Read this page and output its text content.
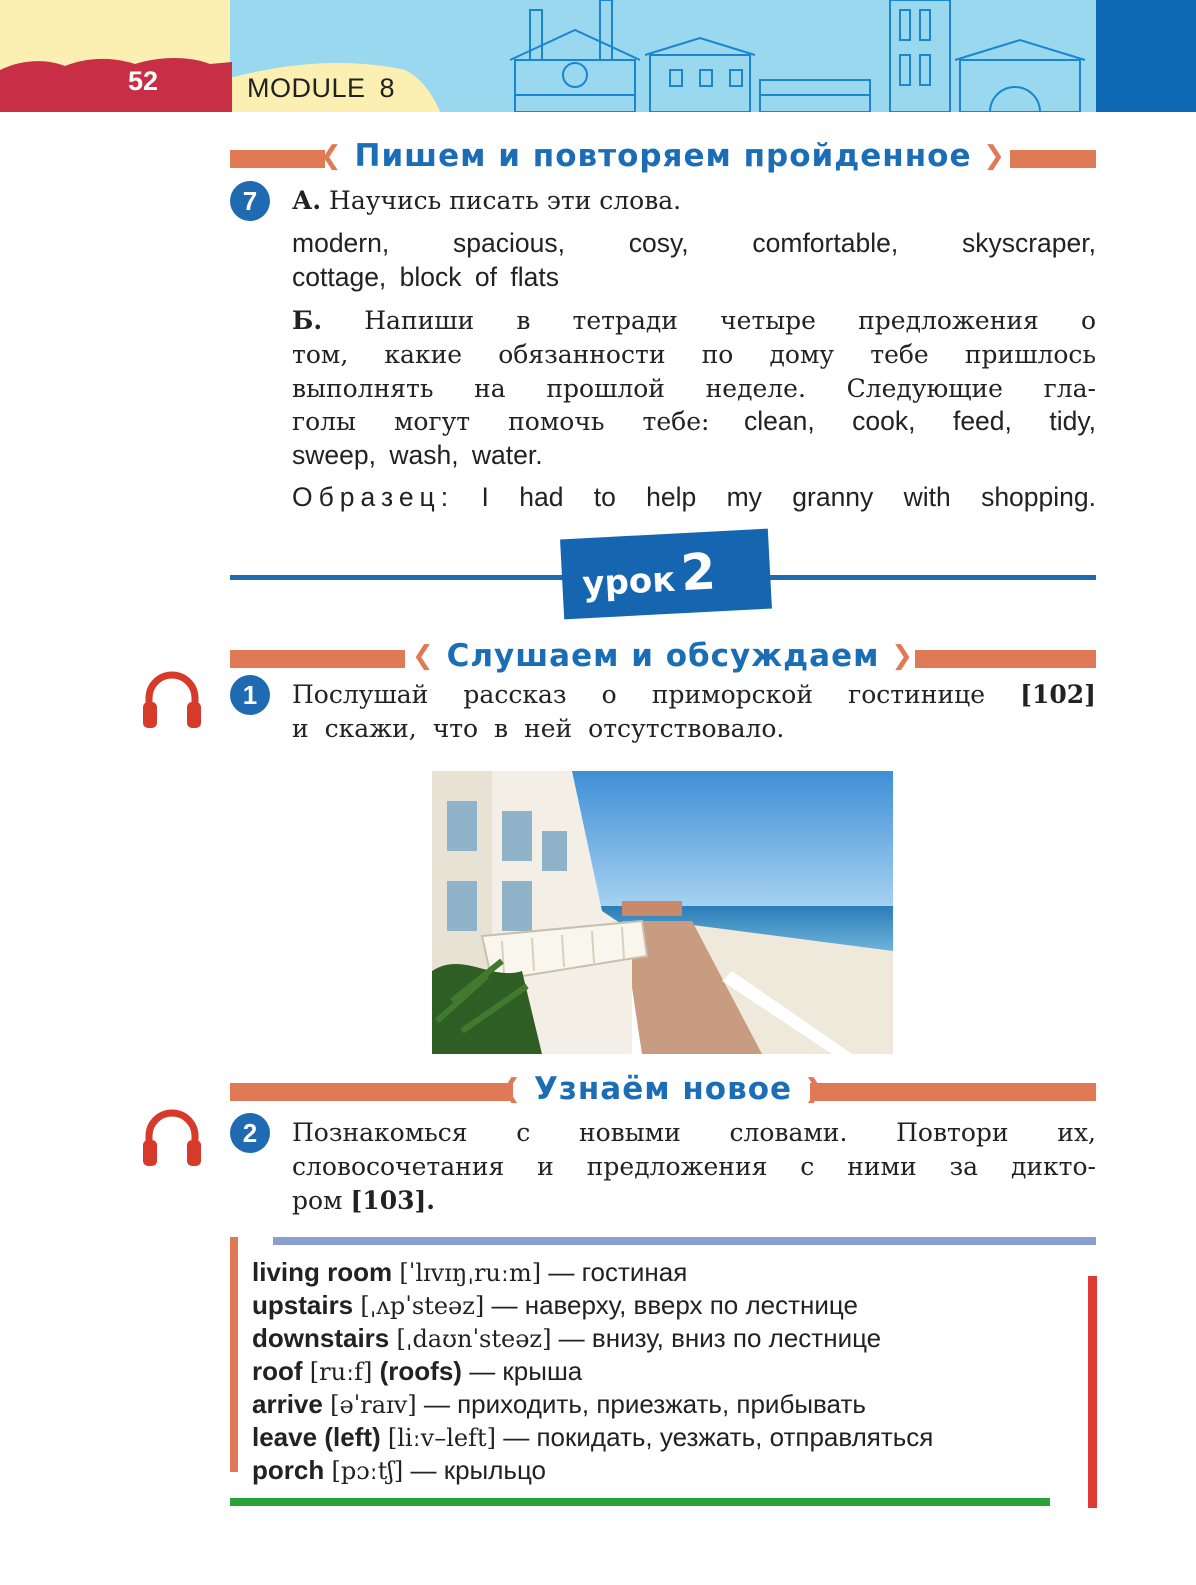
52	MODULE 8
❮ Пишем и повторяем пройденное ❯
7	А. Научись писать эти слова.
modern, spacious, cosy, comfortable, skyscraper,
cottage, block of flats
Б. Напиши в тетради четыре предложения о
том, какие обязанности по дому тебе пришлось
выполнять на прошлой неделе. Следующие гла-
голы могут помочь тебе: clean, cook, feed, tidy,
sweep, wash, water.
Образец: I had to help my granny with shopping.
урок2
❮ Слушаем и обсуждаем ❯
1	Послушай рассказ о приморской гостинице [102]
и скажи, что в ней отсутствовало.
❮ Узнаём новое ❯
2	Познакомься с новыми словами. Повтори их,
словосочетания и предложения с ними за дикто-
ром [103].
living room [ˈlɪvɪŋˌruːm] — гостиная
upstairs [ˌʌpˈsteəz] — наверху, вверх по лестнице
downstairs [ˌdaʊnˈsteəz] — внизу, вниз по лестнице
roof [ruːf] (roofs) — крыша
arrive [əˈraɪv] — приходить, приезжать, прибывать
leave (left) [liːv–left] — покидать, уезжать, отправляться
porch [pɔːtʃ] — крыльцо
